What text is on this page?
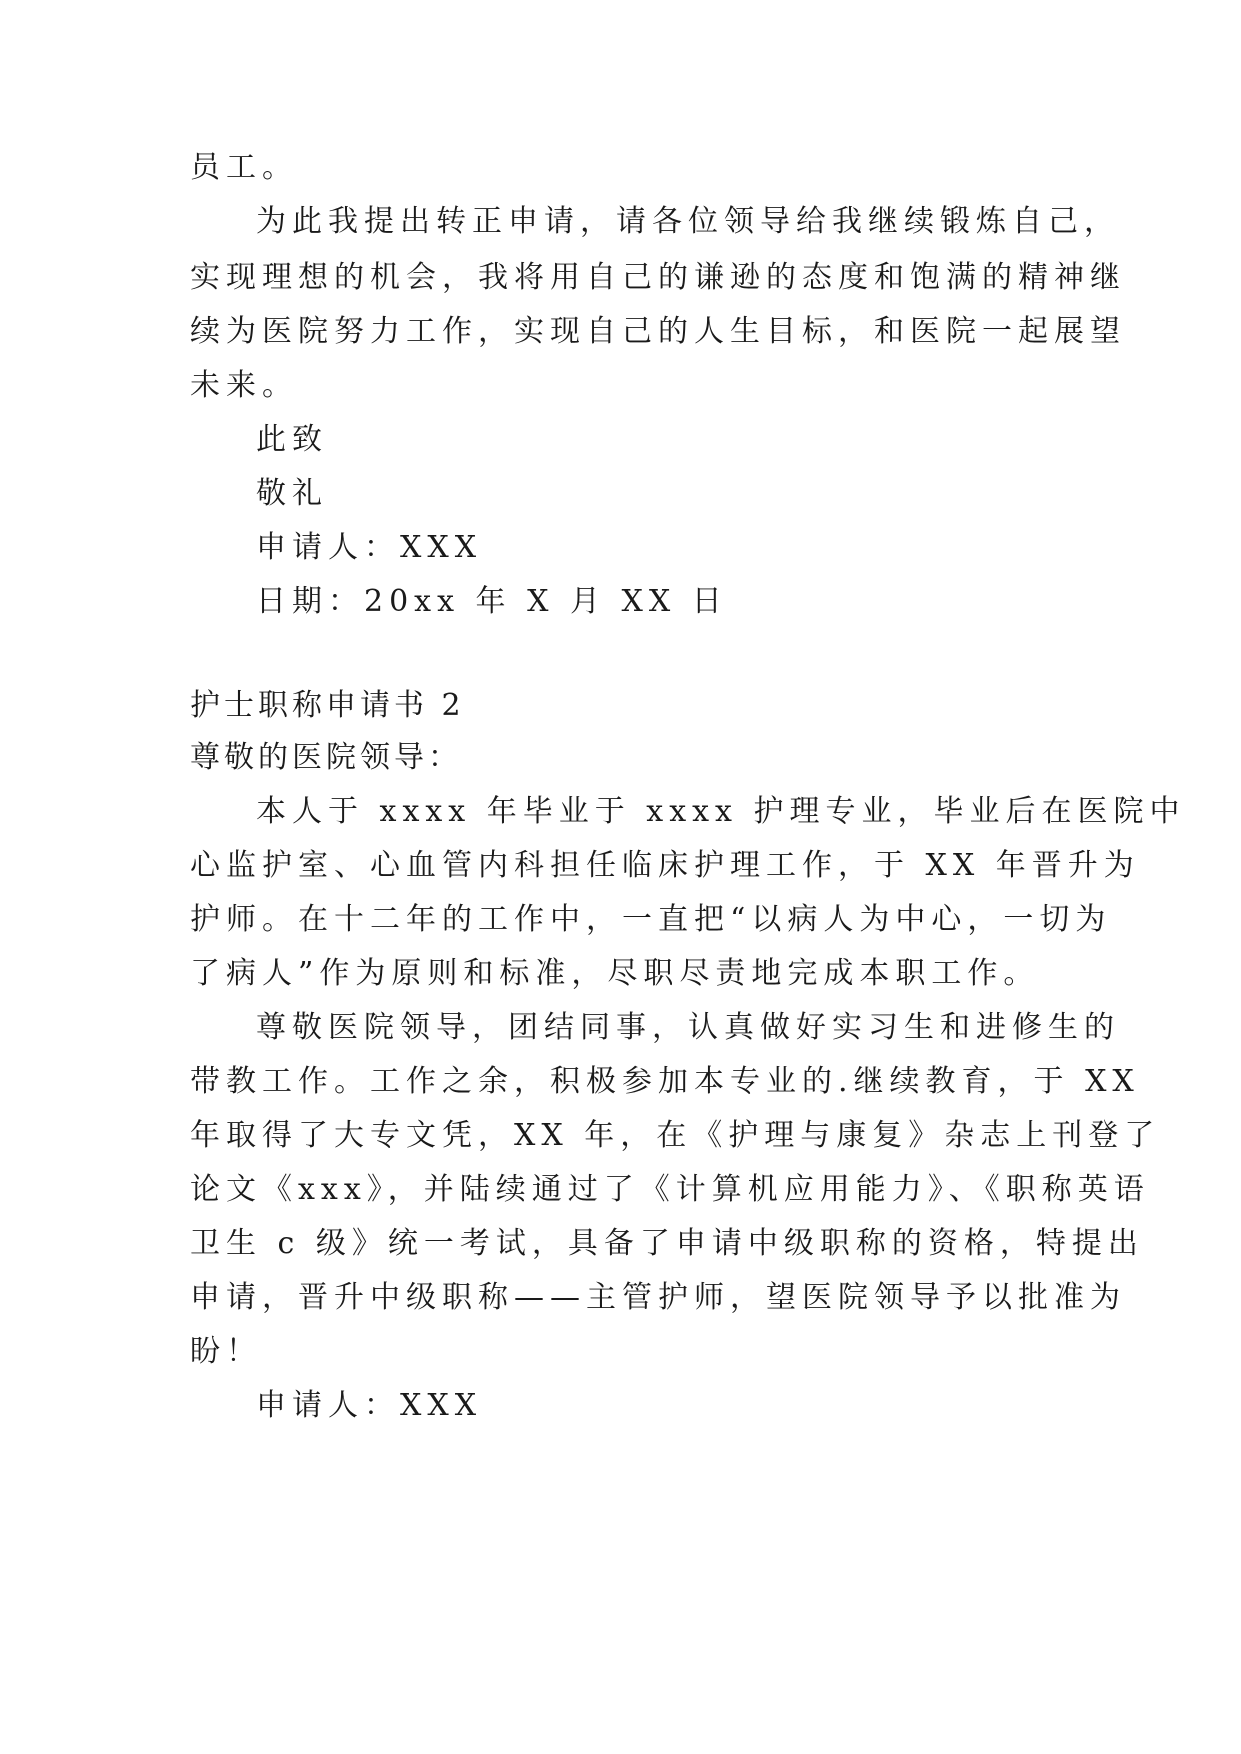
员工。
为此我提出转正申请，请各位领导给我继续锻炼自己，
实现理想的机会，我将用自己的谦逊的态度和饱满的精神继
续为医院努力工作，实现自己的人生目标，和医院一起展望
未来。
此致
敬礼
申请人：XXX
日期：20xx 年 X 月 XX 日
护士职称申请书 2
尊敬的医院领导：
本人于 xxxx 年毕业于 xxxx 护理专业，毕业后在医院中
心监护室、心血管内科担任临床护理工作，于 XX 年晋升为
护师。在十二年的工作中，一直把“以病人为中心，一切为
了病人”作为原则和标准，尽职尽责地完成本职工作。
尊敬医院领导，团结同事，认真做好实习生和进修生的
带教工作。工作之余，积极参加本专业的.继续教育，于 XX
年取得了大专文凭，XX 年，在《护理与康复》杂志上刊登了
论文《xxx》，并陆续通过了《计算机应用能力》、《职称英语
卫生 c 级》统一考试，具备了申请中级职称的资格，特提出
申请，晋升中级职称——主管护师，望医院领导予以批准为
盼！
申请人：XXX
